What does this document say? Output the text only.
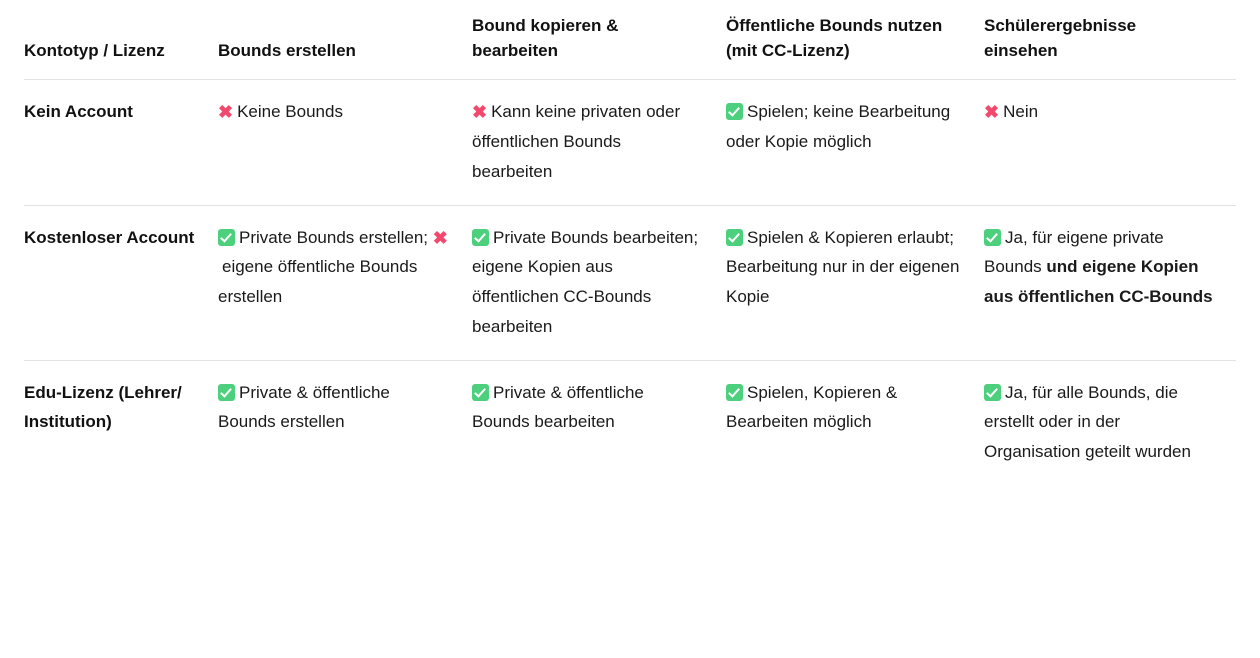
Kontotyp / Lizenz	Bounds erstellen	Bound kopieren & bearbeiten	Öffentliche Bounds nutzen (mit CC-Lizenz)	Schülerergebnisse einsehen
Kein Account	✖ Keine Bounds	✖ Kann keine privaten oder öffentlichen Bounds bearbeiten	Spielen; keine Bearbeitung oder Kopie möglich	✖ Nein
Kostenloser Account	Private Bounds erstellen; ✖eigene öffentliche Bounds erstellen	Private Bounds bearbeiten; eigene Kopien aus öffentlichen CC-Bounds bearbeiten	Spielen & Kopieren erlaubt; Bearbeitung nur in der eigenen Kopie	Ja, für eigene private Bounds und eigene Kopien aus öffentlichen CC-Bounds
Edu-Lizenz (Lehrer/ Institution)	Private & öffentliche Bounds erstellen	Private & öffentliche Bounds bearbeiten	Spielen, Kopieren & Bearbeiten möglich	Ja, für alle Bounds, die erstellt oder in der Organisation geteilt wurden
